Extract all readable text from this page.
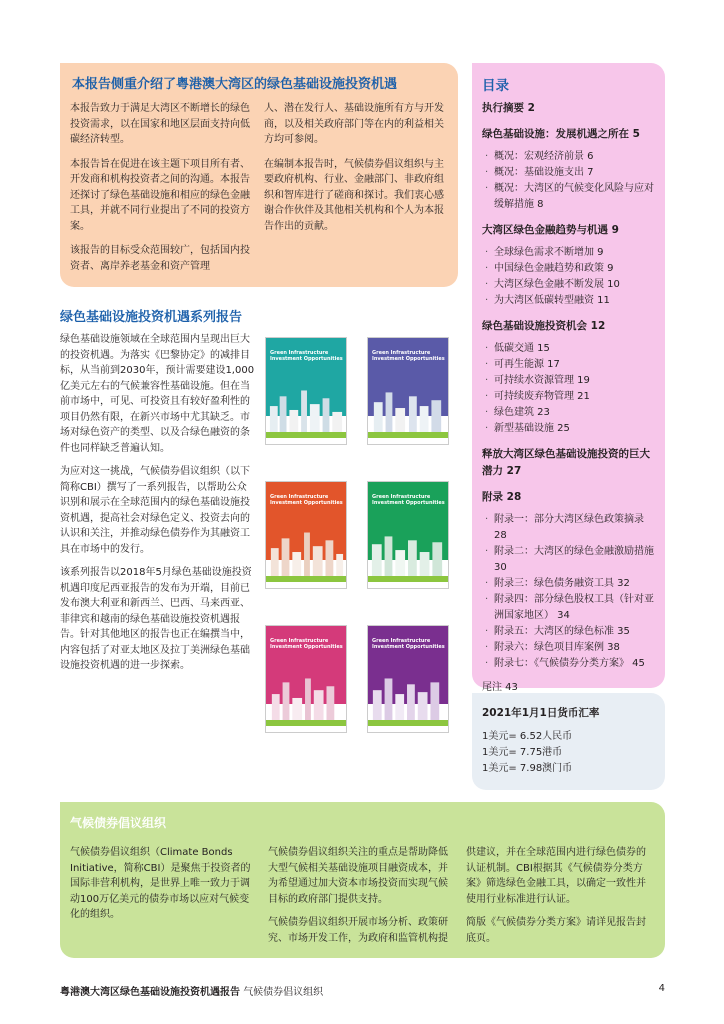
本报告侧重介绍了粤港澳大湾区的绿色基础设施投资机遇

本报告致力于满足大湾区不断增长的绿色投资需求，以在国家和地区层面支持向低碳经济转型。

本报告旨在促进在该主题下项目所有者、开发商和机构投资者之间的沟通。本报告还探讨了绿色基础设施和相应的绿色金融工具，并就不同行业提出了不同的投资方案。

该报告的目标受众范围较广，包括国内投资者、离岸养老基金和资产管理

人、潜在发行人、基础设施所有方与开发商，以及相关政府部门等在内的利益相关方均可参阅。

在编制本报告时，气候债券倡议组织与主要政府机构、行业、金融部门、非政府组织和智库进行了磋商和探讨。我们衷心感谢合作伙伴及其他相关机构和个人为本报告作出的贡献。

目录
执行摘要 2
绿色基础设施：发展机遇之所在 5
· 概况：宏观经济前景 6
· 概况：基础设施支出 7
· 概况：大湾区的气候变化风险与应对缓解措施 8
大湾区绿色金融趋势与机遇 9
· 全球绿色需求不断增加 9
· 中国绿色金融趋势和政策 9
· 大湾区绿色金融不断发展 10
· 为大湾区低碳转型融资 11
绿色基础设施投资机会 12
· 低碳交通 15
· 可再生能源 17
· 可持续水资源管理 19
· 可持续废弃物管理 21
· 绿色建筑 23
· 新型基础设施 25
释放大湾区绿色基础设施投资的巨大 潜力 27
附录 28
· 附录一：部分大湾区绿色政策摘录 28
· 附录二：大湾区的绿色金融激励措施 30
· 附录三：绿色债务融资工具 32
· 附录四：部分绿色股权工具（针对亚洲国家地区） 34
· 附录五：大湾区的绿色标准 35
· 附录六：绿色项目库案例 38
· 附录七：《气候债券分类方案》 45
尾注 43
2021年1月1日货币汇率
1美元= 6.52人民币
1美元= 7.75港币
1美元= 7.98澳门币
绿色基础设施投资机遇系列报告

绿色基础设施领域在全球范围内呈现出巨大的投资机遇。为落实《巴黎协定》的减排目标，从当前到2030年，预计需要建设1,000亿美元左右的气候兼容性基础设施。但在当前市场中，可见、可投资且有较好盈利性的项目仍然有限，在新兴市场中尤其缺乏。市场对绿色资产的类型、以及合绿色融资的条件也同样缺乏普遍认知。

为应对这一挑战，气候债券倡议组织（以下简称CBI）撰写了一系列报告，以帮助公众识别和展示在全球范围内的绿色基础设施投资机遇，提高社会对绿色定义、投资去向的认识和关注，并推动绿色债券作为其融资工具在市场中的发行。

该系列报告以2018年5月绿色基础设施投资机遇印度尼西亚报告的发布为开端，目前已发布澳大利亚和新西兰、巴西、马来西亚、菲律宾和越南的绿色基础设施投资机遇报告。针对其他地区的报告也正在编撰当中，内容包括了对亚太地区及拉丁美洲绿色基础设施投资机遇的进一步探索。

Green Infrastructure Investment Opportunities
Green Infrastructure Investment Opportunities
Green Infrastructure Investment Opportunities
Green Infrastructure Investment Opportunities
Green Infrastructure Investment Opportunities
Green Infrastructure Investment Opportunities
气候债券倡议组织

气候债券倡议组织（Climate Bonds Initiative，简称CBI）是聚焦于投资者的国际非营利机构，是世界上唯一致力于调动100万亿美元的债券市场以应对气候变化的组织。

气候债券倡议组织关注的重点是帮助降低大型气候相关基础设施项目融资成本，并为希望通过加大资本市场投资而实现气候目标的政府部门提供支持。

气候债券倡议组织开展市场分析、政策研究、市场开发工作，为政府和监管机构提

供建议，并在全球范围内进行绿色债券的认证机制。CBI根据其《气候债券分类方案》筛选绿色金融工具，以确定一致性并使用行业标准进行认证。

简版《气候债券分类方案》请详见报告封底页。

粤港澳大湾区绿色基础设施投资机遇报告 气候债券倡议组织	4
